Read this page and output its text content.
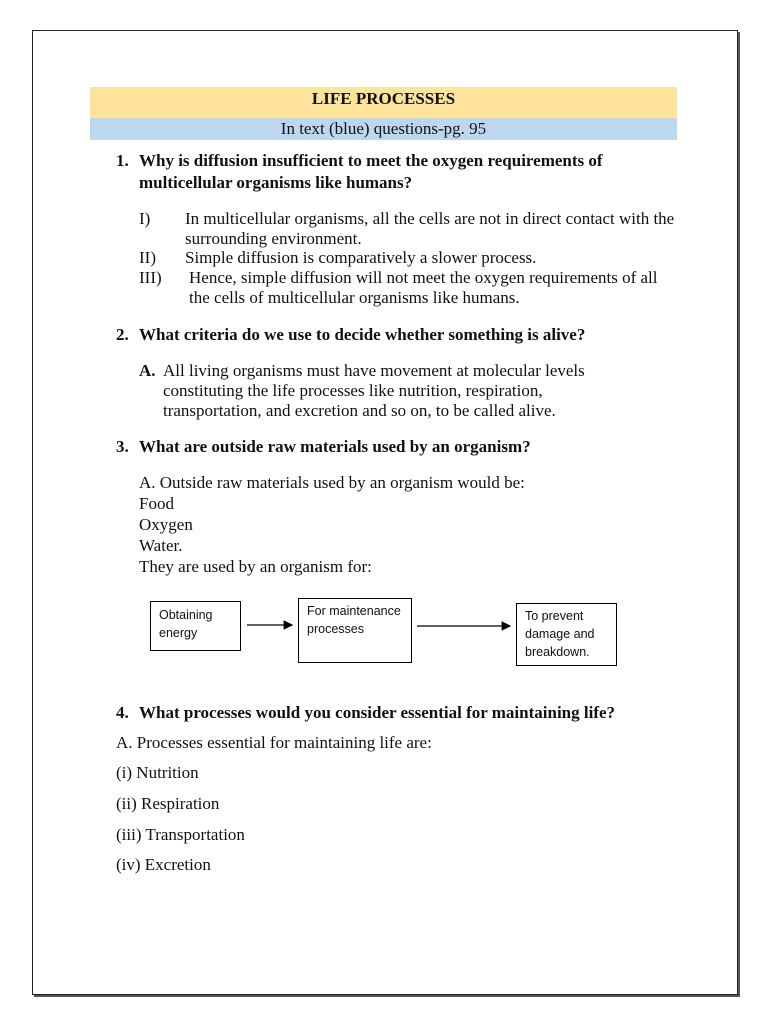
LIFE PROCESSES
In text (blue) questions-pg. 95
1. Why is diffusion insufficient to meet the oxygen requirements of multicellular organisms like humans?
I) In multicellular organisms, all the cells are not in direct contact with the surrounding environment.
II) Simple diffusion is comparatively a slower process.
III) Hence, simple diffusion will not meet the oxygen requirements of all the cells of multicellular organisms like humans.
2. What criteria do we use to decide whether something is alive?
A. All living organisms must have movement at molecular levels constituting the life processes like nutrition, respiration, transportation, and excretion and so on, to be called alive.
3. What are outside raw materials used by an organism?
A. Outside raw materials used by an organism would be:
Food
Oxygen
Water.
They are used by an organism for:
Obtaining energy
For maintenance processes
To prevent damage and breakdown.
4. What processes would you consider essential for maintaining life?
A. Processes essential for maintaining life are:
(i) Nutrition
(ii) Respiration
(iii) Transportation
(iv) Excretion
